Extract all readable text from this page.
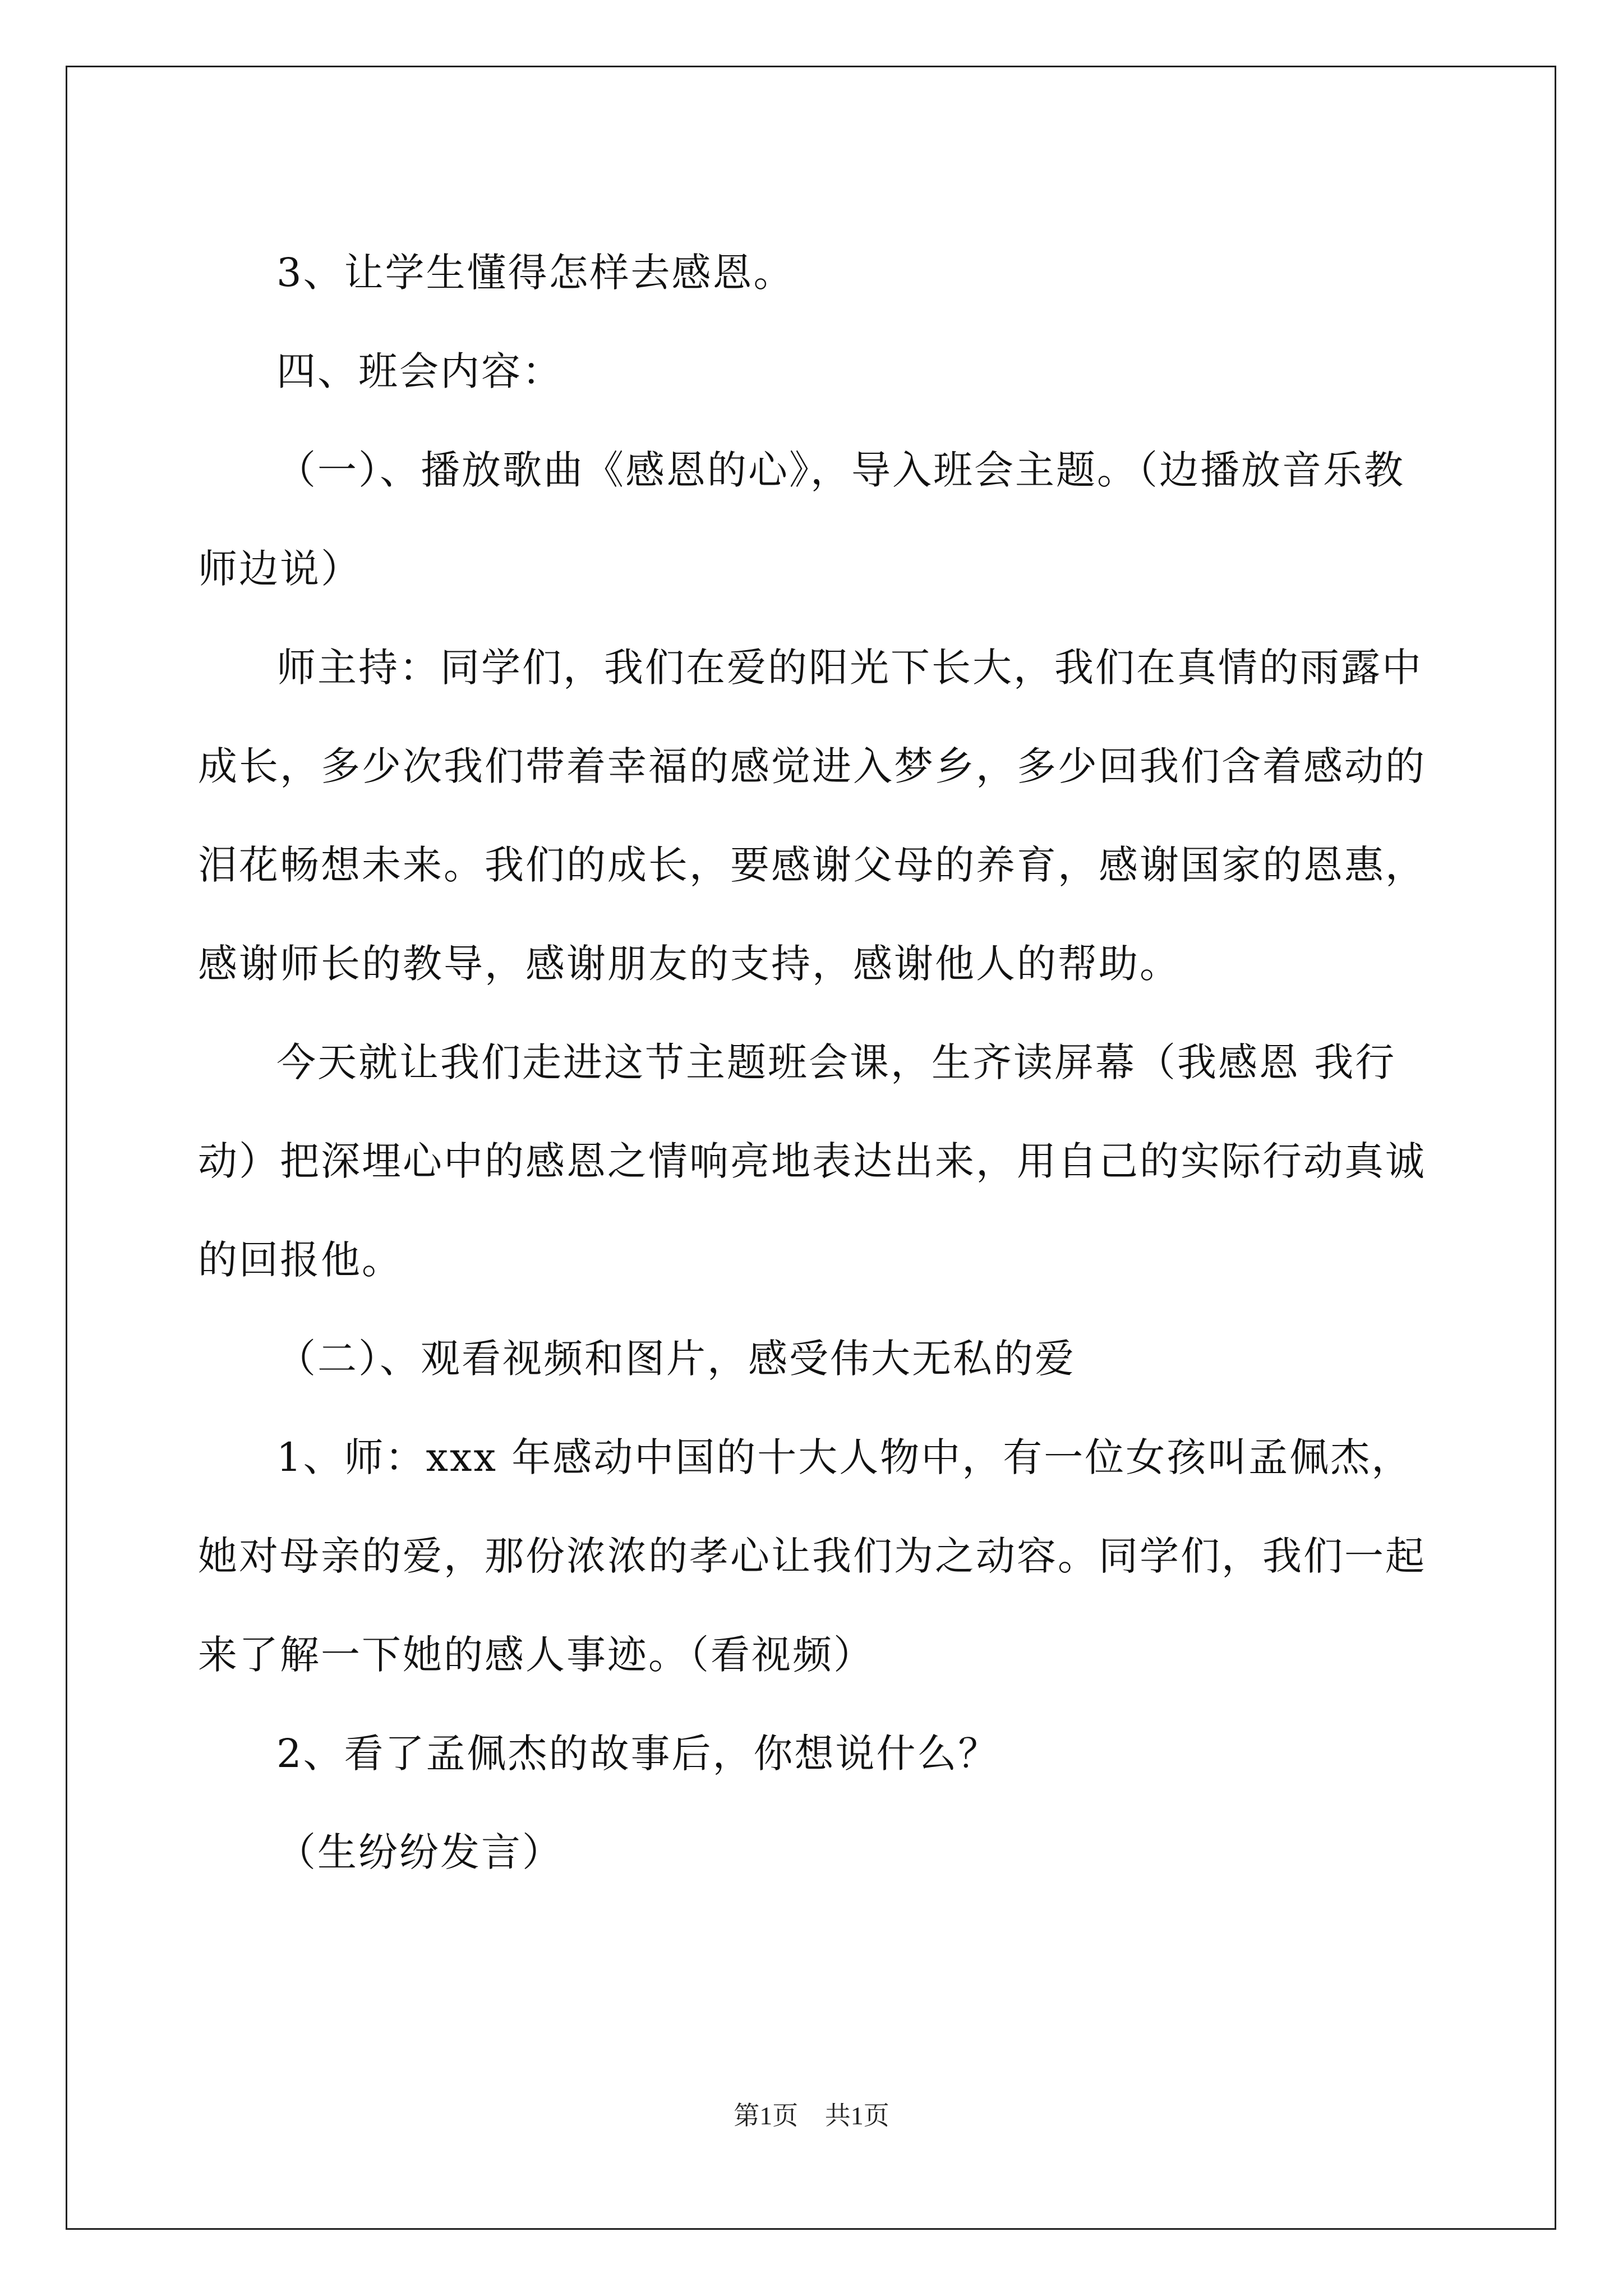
3、让学生懂得怎样去感恩。

四、班会内容：

（一）、播放歌曲《感恩的心》，导入班会主题。（边播放音乐教师边说）

师主持：同学们，我们在爱的阳光下长大，我们在真情的雨露中成长，多少次我们带着幸福的感觉进入梦乡，多少回我们含着感动的泪花畅想未来。我们的成长，要感谢父母的养育，感谢国家的恩惠，感谢师长的教导，感谢朋友的支持，感谢他人的帮助。

今天就让我们走进这节主题班会课，生齐读屏幕（我感恩 我行动）把深埋心中的感恩之情响亮地表达出来，用自己的实际行动真诚的回报他。

（二）、观看视频和图片，感受伟大无私的爱

1、师：xxx 年感动中国的十大人物中，有一位女孩叫孟佩杰，她对母亲的爱，那份浓浓的孝心让我们为之动容。同学们，我们一起来了解一下她的感人事迹。（看视频）

2、看了孟佩杰的故事后，你想说什么？

（生纷纷发言）

第1页 共1页
